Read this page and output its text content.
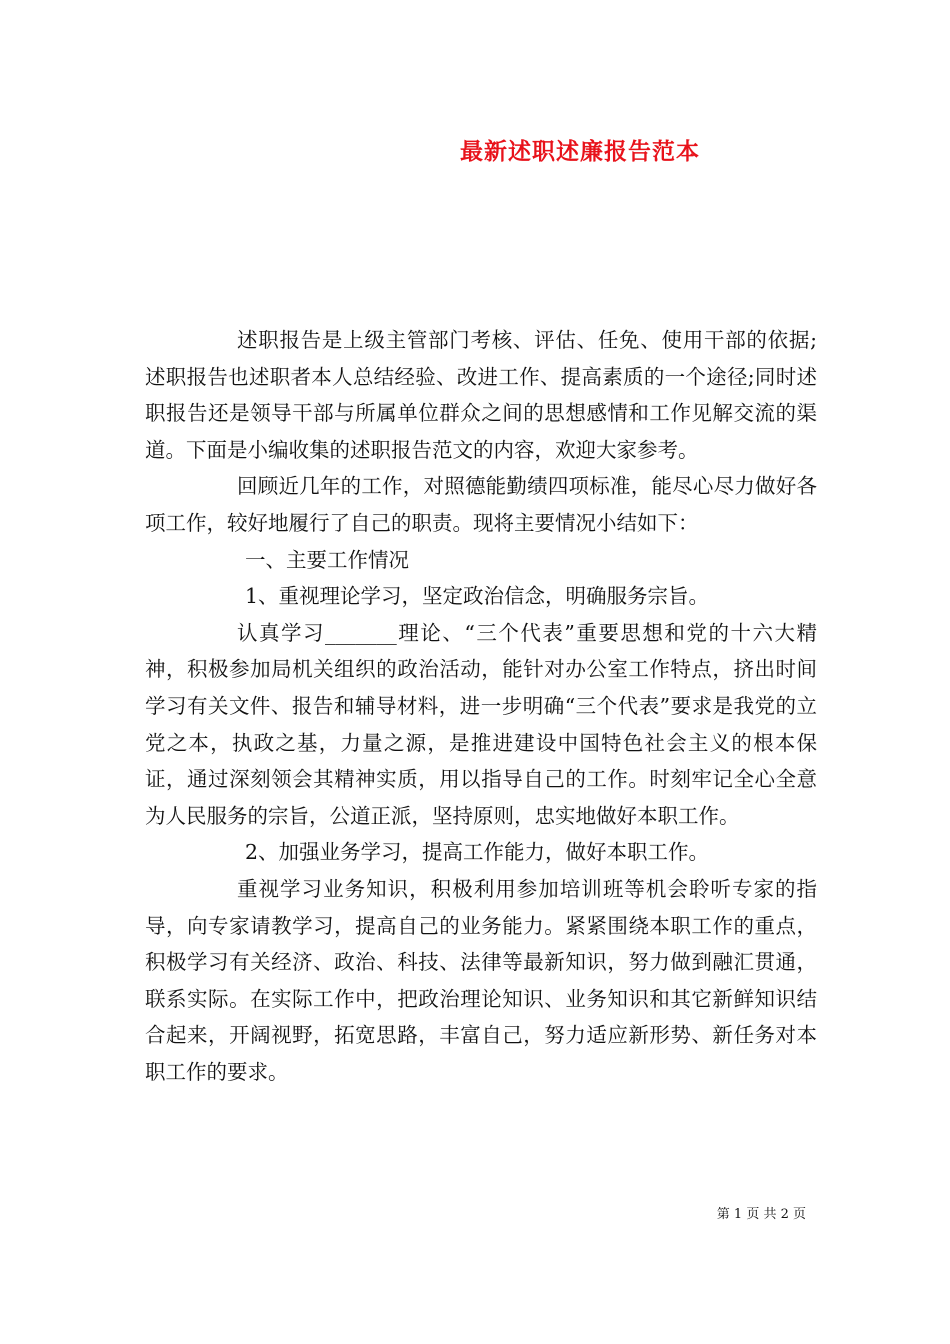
最新述职述廉报告范本

述职报告是上级主管部门考核、评估、任免、使用干部的依据;述职报告也述职者本人总结经验、改进工作、提高素质的一个途径;同时述职报告还是领导干部与所属单位群众之间的思想感情和工作见解交流的渠道。下面是小编收集的述职报告范文的内容，欢迎大家参考。

回顾近几年的工作，对照德能勤绩四项标准，能尽心尽力做好各项工作，较好地履行了自己的职责。现将主要情况小结如下：

一、主要工作情况

1、重视理论学习，坚定政治信念，明确服务宗旨。

认真学习_______理论、“三个代表”重要思想和党的十六大精神，积极参加局机关组织的政治活动，能针对办公室工作特点，挤出时间学习有关文件、报告和辅导材料，进一步明确“三个代表”要求是我党的立党之本，执政之基，力量之源，是推进建设中国特色社会主义的根本保证，通过深刻领会其精神实质，用以指导自己的工作。时刻牢记全心全意为人民服务的宗旨，公道正派，坚持原则，忠实地做好本职工作。

2、加强业务学习，提高工作能力，做好本职工作。

重视学习业务知识，积极利用参加培训班等机会聆听专家的指导，向专家请教学习，提高自己的业务能力。紧紧围绕本职工作的重点，积极学习有关经济、政治、科技、法律等最新知识，努力做到融汇贯通，联系实际。在实际工作中，把政治理论知识、业务知识和其它新鲜知识结合起来，开阔视野，拓宽思路，丰富自己，努力适应新形势、新任务对本职工作的要求。

第 1 页 共 2 页
